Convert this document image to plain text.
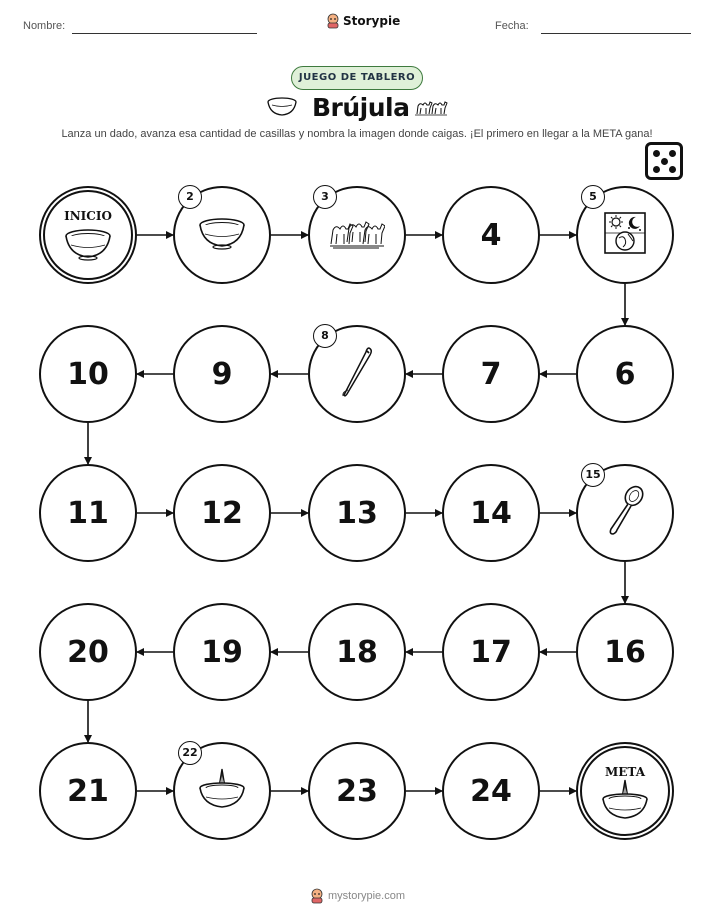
Nombre:	Storypie	Fecha:
JUEGO DE TABLERO
Brújula
Lanza un dado, avanza esa cantidad de casillas y nombra la imagen donde caigas. ¡El primero en llegar a la META gana!
INICIO
2	3
4
5
6
7
8
9
10
11	12	13	14
15
16
17
18
19
20
21
22
23	24
META
mystorypie.com
